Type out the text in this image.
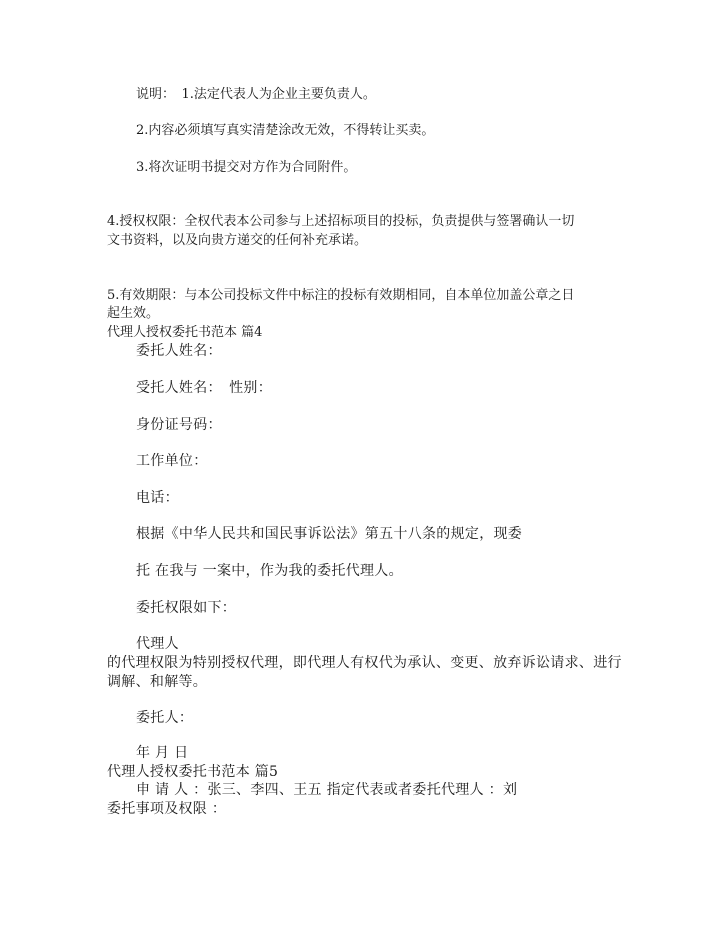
说明：　1.法定代表人为企业主要负责人。
2.内容必须填写真实清楚涂改无效，不得转让买卖。
3.将次证明书提交对方作为合同附件。
4.授权权限：全权代表本公司参与上述招标项目的投标，负责提供与签署确认一切
文书资料，以及向贵方递交的任何补充承诺。
5.有效期限：与本公司投标文件中标注的投标有效期相同，自本单位加盖公章之日
起生效。
代理人授权委托书范本 篇4
委托人姓名：
受托人姓名：　性别：
身份证号码：
工作单位：
电话：
根据《中华人民共和国民事诉讼法》第五十八条的规定，现委
托 在我与 一案中，作为我的委托代理人。
委托权限如下：
代理人
的代理权限为特别授权代理，即代理人有权代为承认、变更、放弃诉讼请求、进行
调解、和解等。
委托人：
年 月 日
代理人授权委托书范本 篇5
申 请 人 ：张三、李四、王五 指定代表或者委托代理人 ：刘
委托事项及权限 ：
